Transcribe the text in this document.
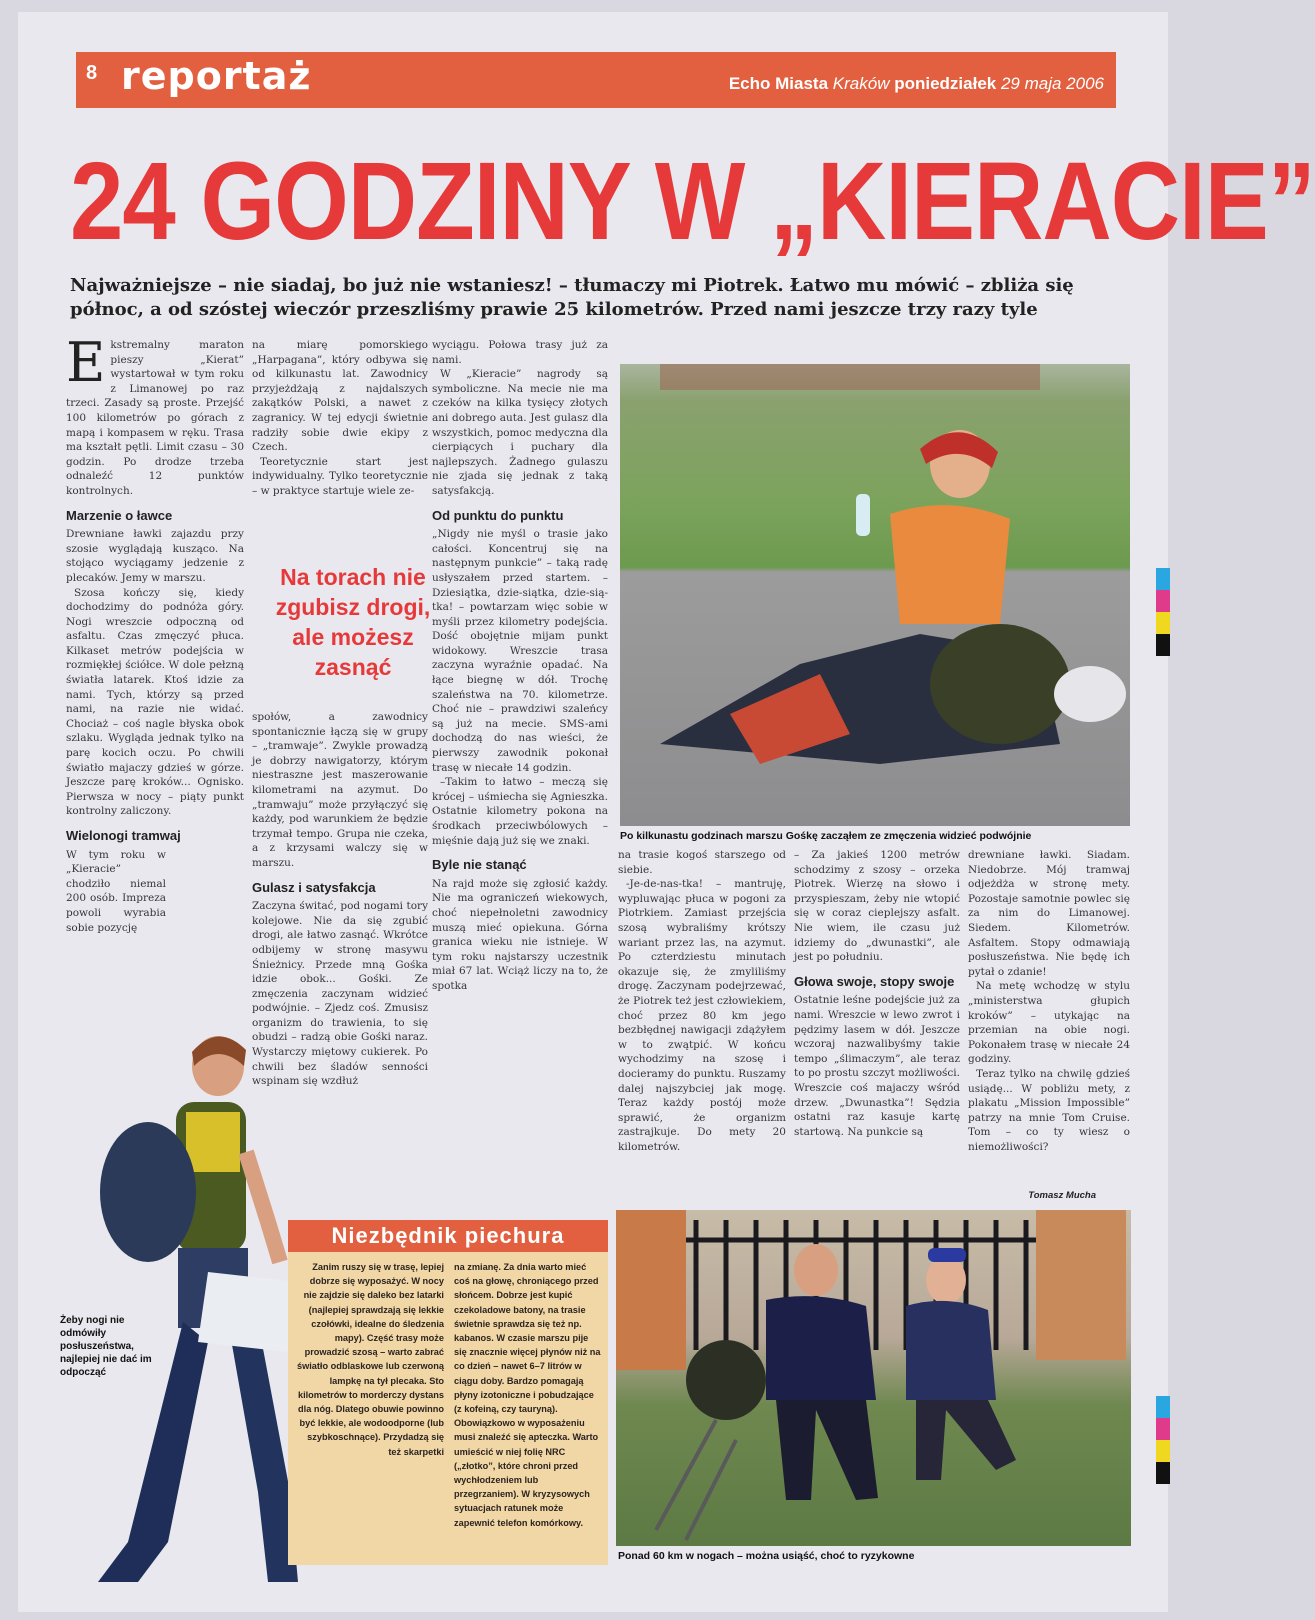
8 reportaż	Echo Miasta Kraków poniedziałek 29 maja 2006
24 GODZINY W „KIERACIE”
Najważniejsze – nie siadaj, bo już nie wstaniesz! – tłumaczy mi Piotrek. Łatwo mu mówić – zbliża się północ, a od szóstej wieczór przeszliśmy prawie 25 kilometrów. Przed nami jeszcze trzy razy tyle

Ekstremalny maraton pieszy „Kierat” wystartował w tym roku z Limanowej po raz trzeci. Zasady są proste. Przejść 100 kilometrów po górach z mapą i kompasem w ręku. Trasa ma kształt pętli. Limit czasu – 30 godzin. Po drodze trzeba odnaleźć 12 punktów kontrolnych.

Marzenie o ławce

Drewniane ławki zajazdu przy szosie wyglądają kusząco. Na stojąco wyciągamy jedzenie z plecaków. Jemy w marszu.

Szosa kończy się, kiedy dochodzimy do podnóża góry. Nogi wreszcie odpoczną od asfaltu. Czas zmęczyć płuca. Kilkaset metrów podejścia w rozmiękłej ściółce. W dole pełzną światła latarek. Ktoś idzie za nami. Tych, którzy są przed nami, na razie nie widać. Chociaż – coś nagle błyska obok szlaku. Wygląda jednak tylko na parę kocich oczu. Po chwili światło majaczy gdzieś w górze. Jeszcze parę kroków... Ognisko. Pierwsza w nocy – piąty punkt kontrolny zaliczony.

Wielonogi tramwaj

W tym roku w „Kieracie” chodziło niemal 200 osób. Impreza powoli wyrabia sobie pozycję

Żeby nogi nie odmówiły posłuszeństwa, najlepiej nie dać im odpocząć

na miarę pomorskiego „Harpagana”, który odbywa się od kilkunastu lat. Zawodnicy przyjeżdżają z najdalszych zakątków Polski, a nawet z zagranicy. W tej edycji świetnie radziły sobie dwie ekipy z Czech.

Teoretycznie start jest indywidualny. Tylko teoretycznie – w praktyce startuje wiele ze-

Na torach nie zgubisz drogi, ale możesz zasnąć

społów, a zawodnicy spontanicznie łączą się w grupy – „tramwaje”. Zwykle prowadzą je dobrzy nawigatorzy, którym niestraszne jest maszerowanie kilometrami na azymut. Do „tramwaju” może przyłączyć się każdy, pod warunkiem że będzie trzymał tempo. Grupa nie czeka, a z krzysami walczy się w marszu.

Gulasz i satysfakcja

Zaczyna świtać, pod nogami tory kolejowe. Nie da się zgubić drogi, ale łatwo zasnąć. Wkrótce odbijemy w stronę masywu Śnieżnicy. Przede mną Gośka idzie obok... Gośki. Ze zmęczenia zaczynam widzieć podwójnie. – Zjedz coś. Zmusisz organizm do trawienia, to się obudzi – radzą obie Gośki naraz. Wystarczy miętowy cukierek. Po chwili bez śladów senności wspinam się wzdłuż

wyciągu. Połowa trasy już za nami.

W „Kieracie” nagrody są symboliczne. Na mecie nie ma czeków na kilka tysięcy złotych ani dobrego auta. Jest gulasz dla wszystkich, pomoc medyczna dla cierpiących i puchary dla najlepszych. Żadnego gulaszu nie zjada się jednak z taką satysfakcją.

Od punktu do punktu

„Nigdy nie myśl o trasie jako całości. Koncentruj się na następnym punkcie” – taką radę usłyszałem przed startem. – Dziesiątka, dzie-siątka, dzie-sią-tka! – powtarzam więc sobie w myśli przez kilometry podejścia. Dość obojętnie mijam punkt widokowy. Wreszcie trasa zaczyna wyraźnie opadać. Na łące biegnę w dół. Trochę szaleństwa na 70. kilometrze. Choć nie – prawdziwi szaleńcy są już na mecie. SMS-ami dochodzą do nas wieści, że pierwszy zawodnik pokonał trasę w niecałe 14 godzin.

–Takim to łatwo – meczą się krócej – uśmiecha się Agnieszka. Ostatnie kilometry pokona na środkach przeciwbólowych – mięśnie dają już się we znaki.

Byle nie stanąć

Na rajd może się zgłosić każdy. Nie ma ograniczeń wiekowych, choć niepełnoletni zawodnicy muszą mieć opiekuna. Górna granica wieku nie istnieje. W tym roku najstarszy uczestnik miał 67 lat. Wciąż liczy na to, że spotka

Po kilkunastu godzinach marszu Gośkę zacząłem ze zmęczenia widzieć podwójnie

na trasie kogoś starszego od siebie.

-Je-de-nas-tka! – mantruję, wypluwając płuca w pogoni za Piotrkiem. Zamiast przejścia szosą wybraliśmy krótszy wariant przez las, na azymut. Po czterdziestu minutach okazuje się, że zmyliliśmy drogę. Zaczynam podejrzewać, że Piotrek też jest człowiekiem, choć przez 80 km jego bezbłędnej nawigacji zdążyłem w to zwątpić. W końcu wychodzimy na szosę i docieramy do punktu. Ruszamy dalej najszybciej jak mogę. Teraz każdy postój może sprawić, że organizm zastrajkuje. Do mety 20 kilometrów.

– Za jakieś 1200 metrów schodzimy z szosy – orzeka Piotrek. Wierzę na słowo i przyspieszam, żeby nie wtopić się w coraz cieplejszy asfalt. Nie wiem, ile czasu już idziemy do „dwunastki”, ale jest po południu.

Głowa swoje, stopy swoje

Ostatnie leśne podejście już za nami. Wreszcie w lewo zwrot i pędzimy lasem w dół. Jeszcze wczoraj nazwalibyśmy takie tempo „ślimaczym”, ale teraz to po prostu szczyt możliwości. Wreszcie coś majaczy wśród drzew. „Dwunastka”! Sędzia ostatni raz kasuje kartę startową. Na punkcie są

drewniane ławki. Siadam. Niedobrze. Mój tramwaj odjeżdża w stronę mety. Pozostaje samotnie powlec się za nim do Limanowej. Siedem. Kilometrów. Asfaltem. Stopy odmawiają posłuszeństwa. Nie będę ich pytał o zdanie!

Na metę wchodzę w stylu „ministerstwa głupich kroków” – utykając na przemian na obie nogi. Pokonałem trasę w niecałe 24 godziny.

Teraz tylko na chwilę gdzieś usiądę... W pobliżu mety, z plakatu „Mission Impossible” patrzy na mnie Tom Cruise. Tom – co ty wiesz o niemożliwości?

Tomasz Mucha
Niezbędnik piechura

Zanim ruszy się w trasę, lepiej dobrze się wyposażyć. W nocy nie zajdzie się daleko bez latarki (najlepiej sprawdzają się lekkie czołówki, idealne do śledzenia mapy). Część trasy może prowadzić szosą – warto zabrać światło odblaskowe lub czerwoną lampkę na tył plecaka. Sto kilometrów to morderczy dystans dla nóg. Dlatego obuwie powinno być lekkie, ale wodoodporne (lub szybkoschnące). Przydadzą się też skarpetki

na zmianę. Za dnia warto mieć coś na głowę, chroniącego przed słońcem. Dobrze jest kupić czekoladowe batony, na trasie świetnie sprawdza się też np. kabanos. W czasie marszu pije się znacznie więcej płynów niż na co dzień – nawet 6–7 litrów w ciągu doby. Bardzo pomagają płyny izotoniczne i pobudzające (z kofeiną, czy tauryną). Obowiązkowo w wyposażeniu musi znaleźć się apteczka. Warto umieścić w niej folię NRC („złotko”, które chroni przed wychłodzeniem lub przegrzaniem). W kryzysowych sytuacjach ratunek może zapewnić telefon komórkowy.

Ponad 60 km w nogach – można usiąść, choć to ryzykowne
